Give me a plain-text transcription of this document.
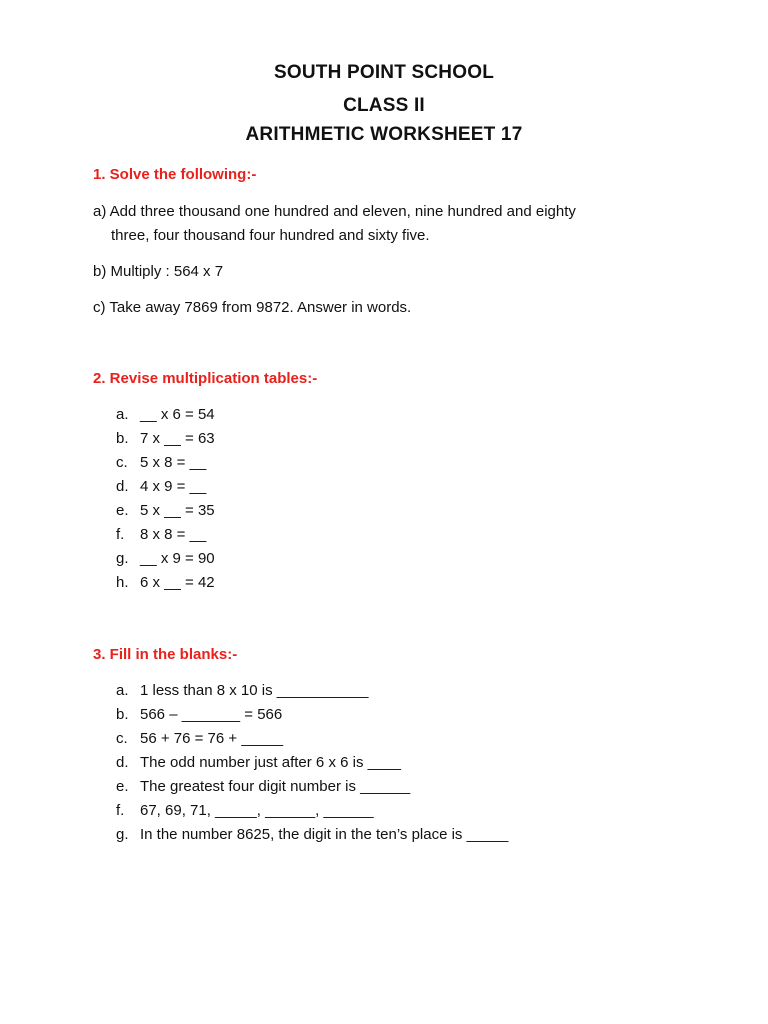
SOUTH POINT SCHOOL
CLASS II
ARITHMETIC WORKSHEET 17
1. Solve the following:-
a) Add three thousand one hundred and eleven, nine hundred and eighty
three, four thousand four hundred and sixty five.
b) Multiply : 564 x 7
c) Take away 7869 from 9872. Answer in words.
2. Revise multiplication tables:-
a. __ x 6 = 54
b. 7 x __ = 63
c. 5 x 8 = __
d. 4 x 9 = __
e. 5 x __ = 35
f. 8 x 8 = __
g. __ x 9 = 90
h. 6 x __ = 42
3. Fill in the blanks:-
a. 1 less than 8 x 10 is ___________
b. 566 – _______ = 566
c. 56 + 76 = 76 + _____
d. The odd number just after 6 x 6 is ____
e. The greatest four digit number is ______
f. 67, 69, 71, _____, ______, ______
g. In the number 8625, the digit in the ten’s place is _____
